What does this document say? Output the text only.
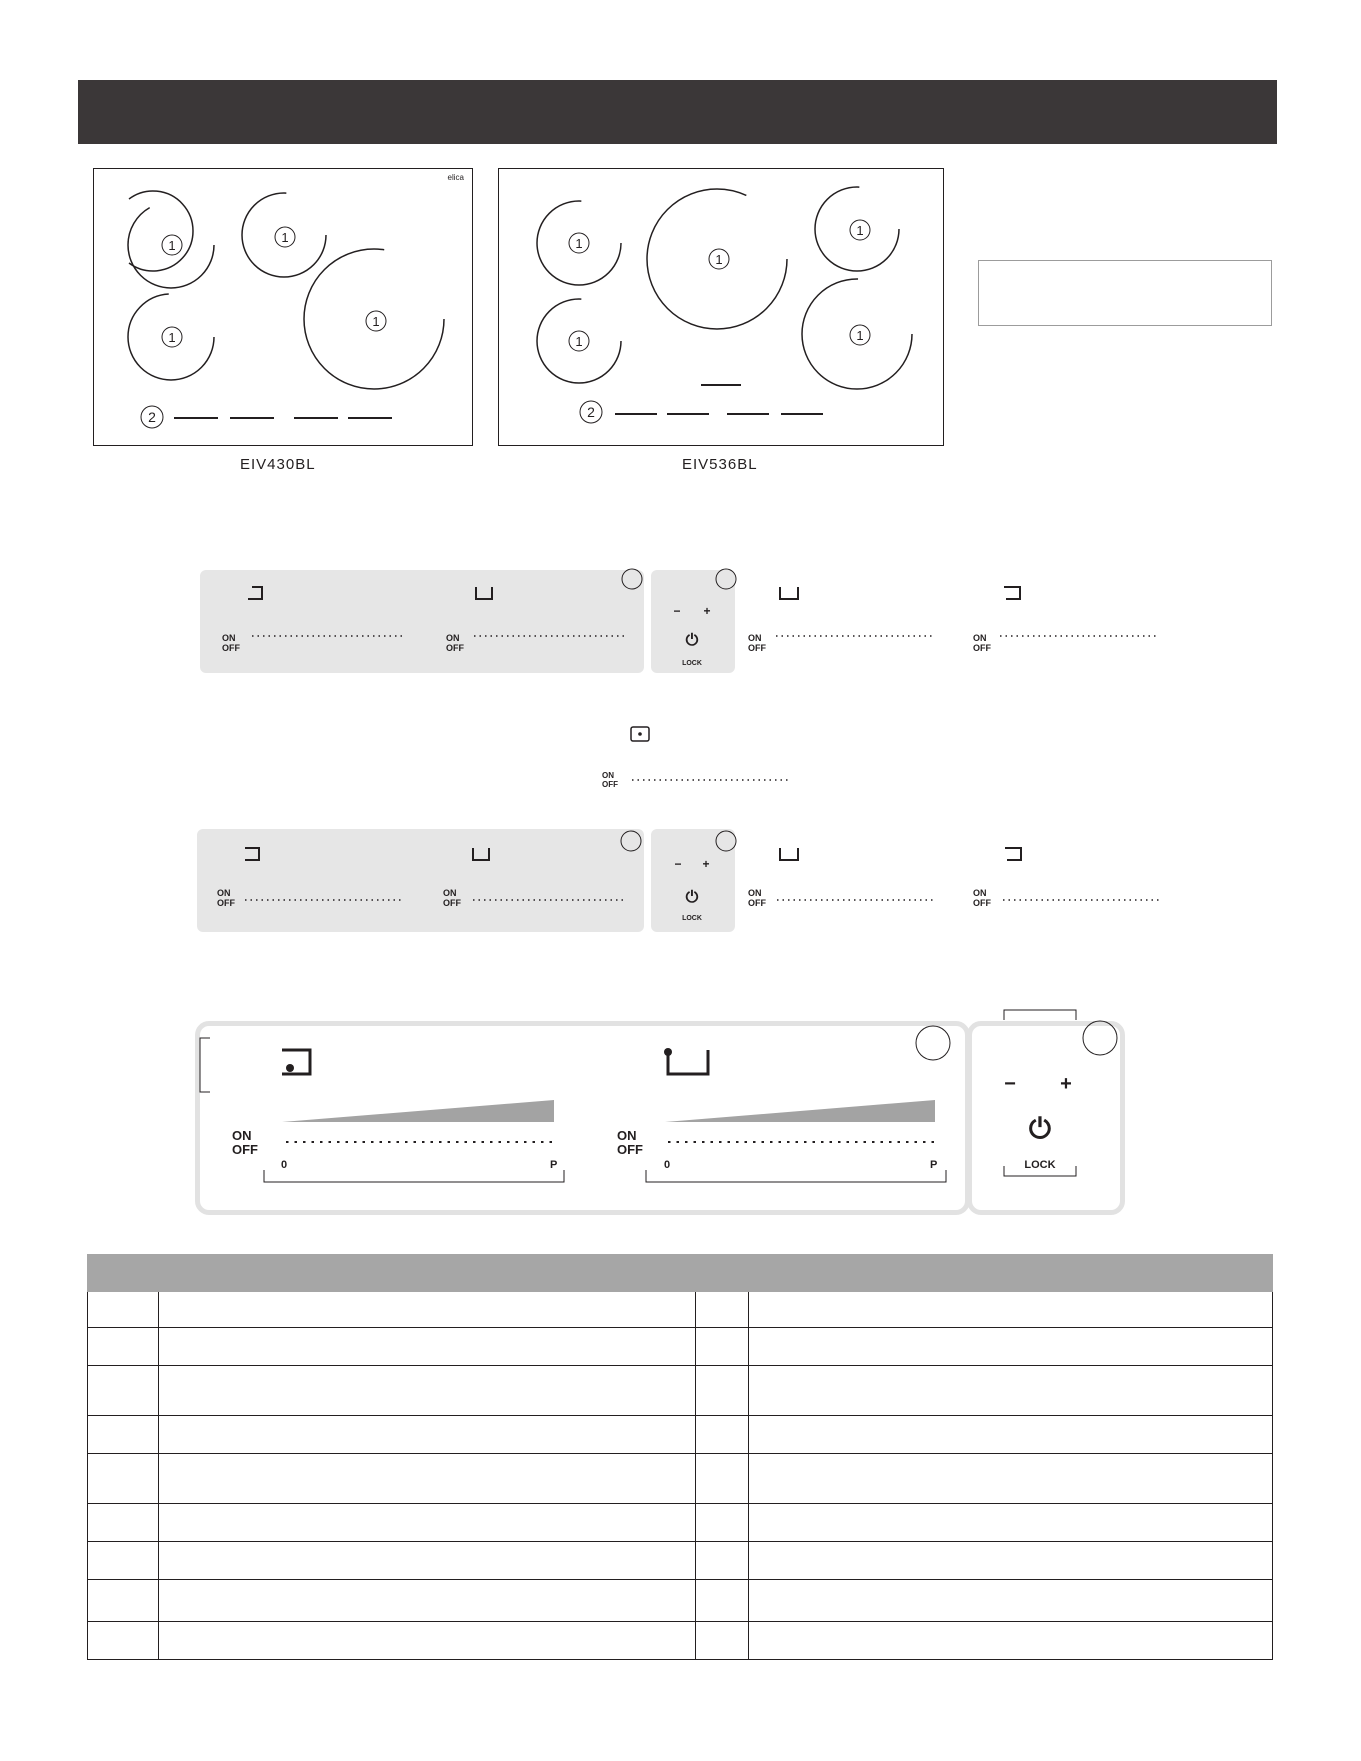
elica
1
1
1
1
2
EIV430BL
1
1
1
1
1
2
EIV536BL
ON
OFF
ON
OFF
ON
OFF
ON
OFF
− +
⏻
LOCK
ON
OFF
ON
OFF
ON
OFF
ON
OFF
ON
OFF
− +
⏻
LOCK
ON
OFF
ON
OFF
0	P	0	P
− +
⏻
LOCK
